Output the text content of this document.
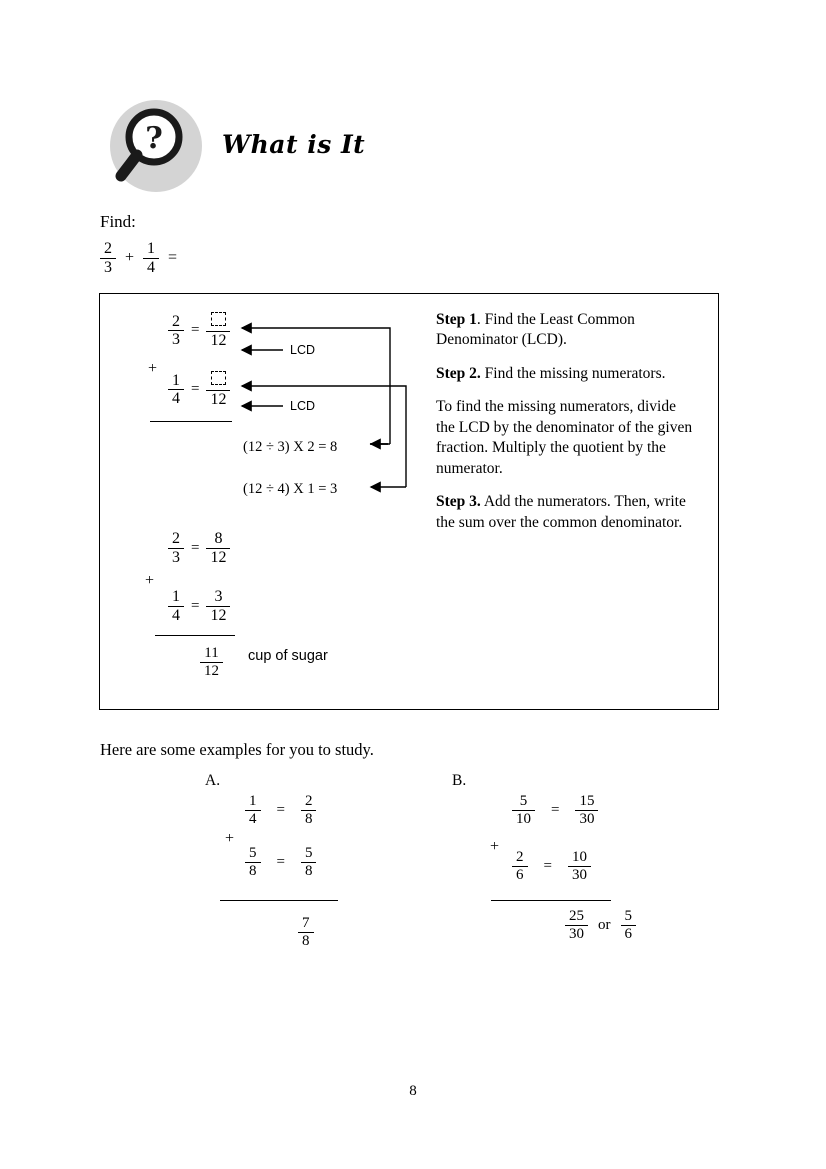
? What is It
Find:
$\frac{2}{3} + \frac{1}{4}$ =
$\frac{2}{3}$ =
12
+
$\frac{1}{4}$ =
12
LCD
LCD
(12 ÷ 3) X 2 = 8
(12 ÷ 4) X 1 = 3

Step 1. Find the Least Common Denominator (LCD).

Step 2. Find the missing numerators.

To find the missing numerators, divide the LCD by the denominator of the given fraction. Multiply the quotient by the numerator.

Step 3. Add the numerators. Then, write the sum over the common denominator.

$\frac{2}{3} = \frac{8}{12}$
+
$\frac{1}{4} = \frac{3}{12}$
$\frac{11}{12}$ cup of sugar
Here are some examples for you to study.
A.
$\frac{1}{4} = \frac{2}{8}$
+
$\frac{5}{8} = \frac{5}{8}$
$\frac{7}{8}$
B.
$\frac{5}{10} = \frac{15}{30}$
+
$\frac{2}{6} = \frac{10}{30}$
$\frac{25}{30}$ or $\frac{5}{6}$
8
